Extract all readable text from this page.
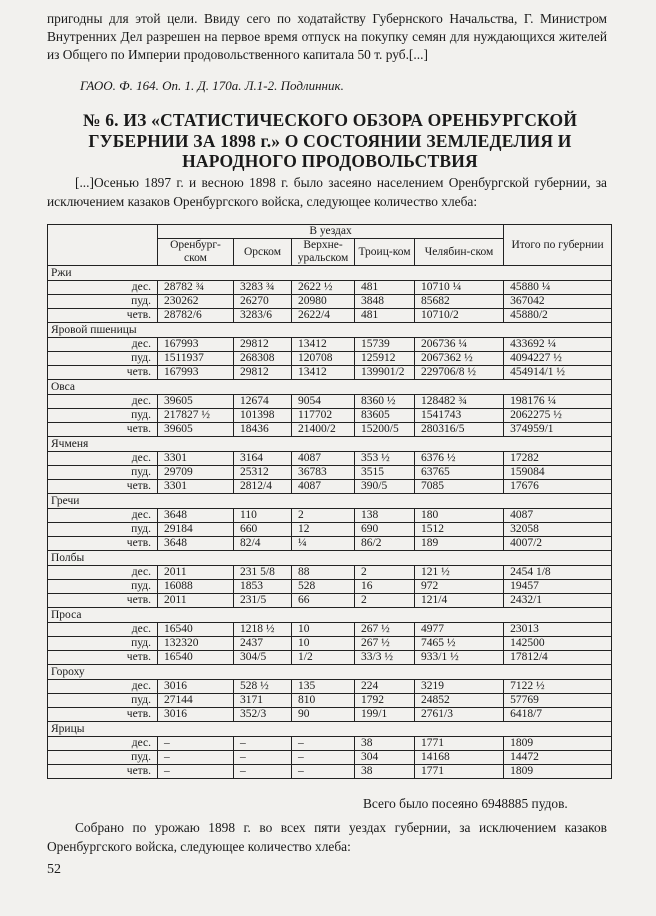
пригодны для этой цели. Ввиду сего по ходатайству Губернского Начальства, Г. Министром Внутренних Дел разрешен на первое время отпуск на покупку семян для нуждающихся жителей из Общего по Империи продовольственного капитала 50 т. руб.[...]
ГАОО. Ф. 164. Оп. 1. Д. 170а. Л.1-2. Подлинник.
№ 6. ИЗ «СТАТИСТИЧЕСКОГО ОБЗОРА ОРЕНБУРГСКОЙ ГУБЕРНИИ ЗА 1898 г.» О СОСТОЯНИИ ЗЕМЛЕДЕЛИЯ И НАРОДНОГО ПРОДОВОЛЬСТВИЯ
[...]Осенью 1897 г. и весною 1898 г. было засеяно населением Оренбургской губернии, за исключением казаков Оренбургского войска, следующее количество хлеба:
		В уездах					Итого по губернии
		Оренбург-ском	Орском	Верхне-уральском	Троиц-ком	Челябин-ском	
Ржи							
	дес.	28782 ¾	3283 ¾	2622 ½	481	10710 ¼	45880 ¼
	пуд.	230262	26270	20980	3848	85682	367042
	четв.	28782/6	3283/6	2622/4	481	10710/2	45880/2
Яровой пшеницы							
	дес.	167993	29812	13412	15739	206736 ¼	433692 ¼
	пуд.	1511937	268308	120708	125912	2067362 ½	4094227 ½
	четв.	167993	29812	13412	139901/2	229706/8 ½	454914/1 ½
Овса							
	дес.	39605	12674	9054	8360 ½	128482 ¾	198176 ¼
	пуд.	217827 ½	101398	117702	83605	1541743	2062275 ½
	четв.	39605	18436	21400/2	15200/5	280316/5	374959/1
Ячменя							
	дес.	3301	3164	4087	353 ½	6376 ½	17282
	пуд.	29709	25312	36783	3515	63765	159084
	четв.	3301	2812/4	4087	390/5	7085	17676
Гречи							
	дес.	3648	110	2	138	180	4087
	пуд.	29184	660	12	690	1512	32058
	четв.	3648	82/4	¼	86/2	189	4007/2
Полбы							
	дес.	2011	231 5/8	88	2	121 ½	2454 1/8
	пуд.	16088	1853	528	16	972	19457
	четв.	2011	231/5	66	2	121/4	2432/1
Проса							
	дес.	16540	1218 ½	10	267 ½	4977	23013
	пуд.	132320	2437	10	267 ½	7465 ½	142500
	четв.	16540	304/5	1/2	33/3 ½	933/1 ½	17812/4
Гороху							
	дес.	3016	528 ½	135	224	3219	7122 ½
	пуд.	27144	3171	810	1792	24852	57769
	четв.	3016	352/3	90	199/1	2761/3	6418/7
Ярицы							
	дес.	–	–	–	38	1771	1809
	пуд.	–	–	–	304	14168	14472
	четв.	–	–	–	38	1771	1809
Всего было посеяно 6948885 пудов.
Собрано по урожаю 1898 г. во всех пяти уездах губернии, за исключением казаков Оренбургского войска, следующее количество хлеба:
52
